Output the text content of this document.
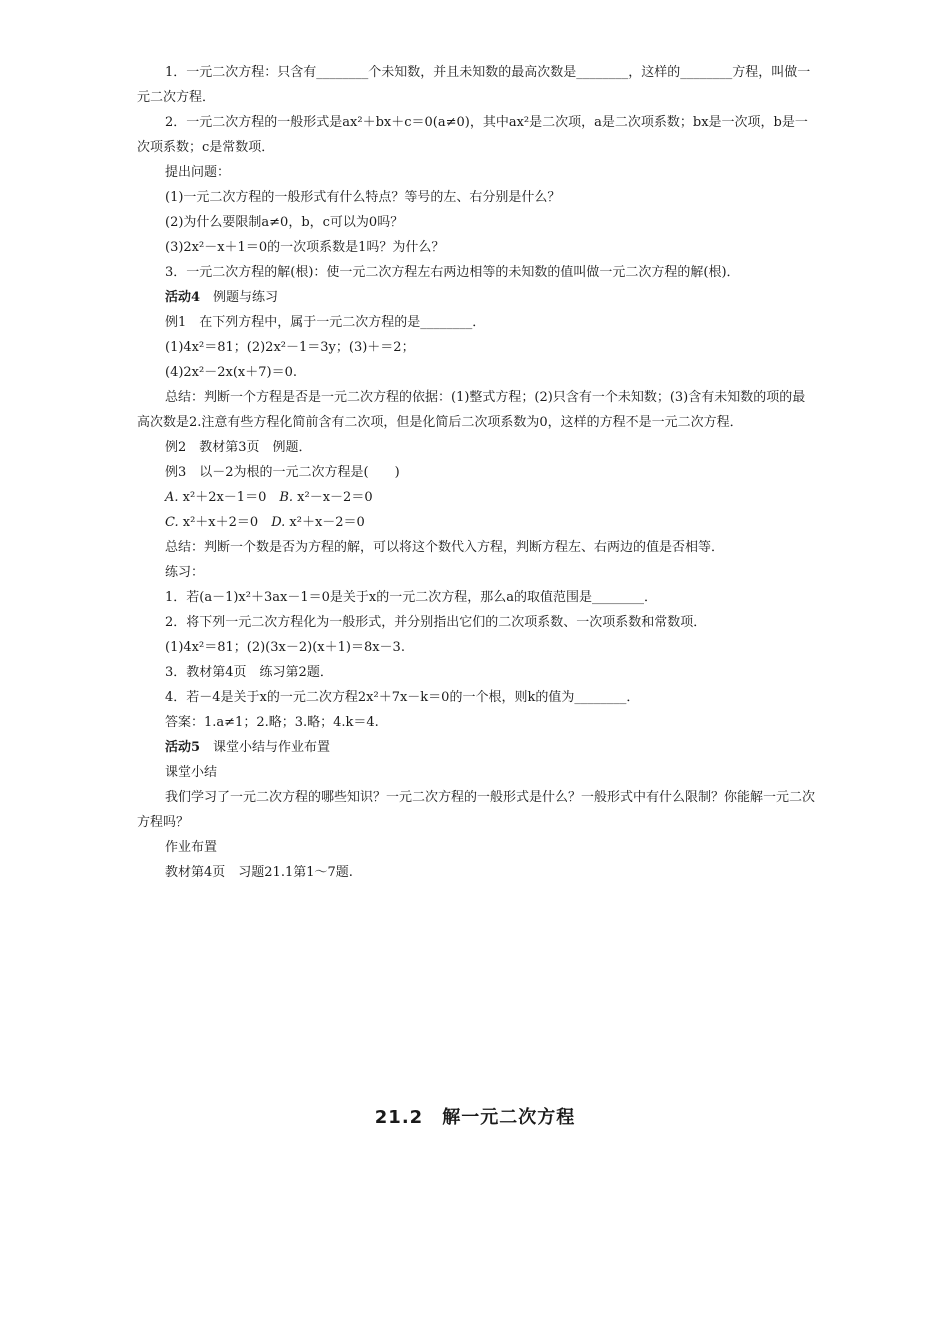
1．一元二次方程：只含有________个未知数，并且未知数的最高次数是________，这样的________方程，叫做一元二次方程．

2．一元二次方程的一般形式是ax²＋bx＋c＝0(a≠0)，其中ax²是二次项，a是二次项系数；bx是一次项，b是一次项系数；c是常数项．

提出问题：

(1)一元二次方程的一般形式有什么特点？等号的左、右分别是什么？

(2)为什么要限制a≠0，b，c可以为0吗？

(3)2x²－x＋1＝0的一次项系数是1吗？为什么？

3．一元二次方程的解(根)：使一元二次方程左右两边相等的未知数的值叫做一元二次方程的解(根)．

活动4　例题与练习

例1　在下列方程中，属于一元二次方程的是________．

(1)4x²＝81；(2)2x²－1＝3y；(3)＋＝2；

(4)2x²－2x(x＋7)＝0.

总结：判断一个方程是否是一元二次方程的依据：(1)整式方程；(2)只含有一个未知数；(3)含有未知数的项的最高次数是2.注意有些方程化简前含有二次项，但是化简后二次项系数为0，这样的方程不是一元二次方程．

例2　教材第3页　例题．

例3　以－2为根的一元二次方程是(　　)

A. x²＋2x－1＝0　B. x²－x－2＝0

C. x²＋x＋2＝0　D. x²＋x－2＝0

总结：判断一个数是否为方程的解，可以将这个数代入方程，判断方程左、右两边的值是否相等．

练习：

1．若(a－1)x²＋3ax－1＝0是关于x的一元二次方程，那么a的取值范围是________．

2．将下列一元二次方程化为一般形式，并分别指出它们的二次项系数、一次项系数和常数项．

(1)4x²＝81；(2)(3x－2)(x＋1)＝8x－3.

3．教材第4页　练习第2题．

4．若－4是关于x的一元二次方程2x²＋7x－k＝0的一个根，则k的值为________．

答案：1.a≠1；2.略；3.略；4.k＝4.

活动5　课堂小结与作业布置

课堂小结

我们学习了一元二次方程的哪些知识？一元二次方程的一般形式是什么？一般形式中有什么限制？你能解一元二次方程吗？

作业布置

教材第4页　习题21.1第1～7题.

21.2　解一元二次方程
